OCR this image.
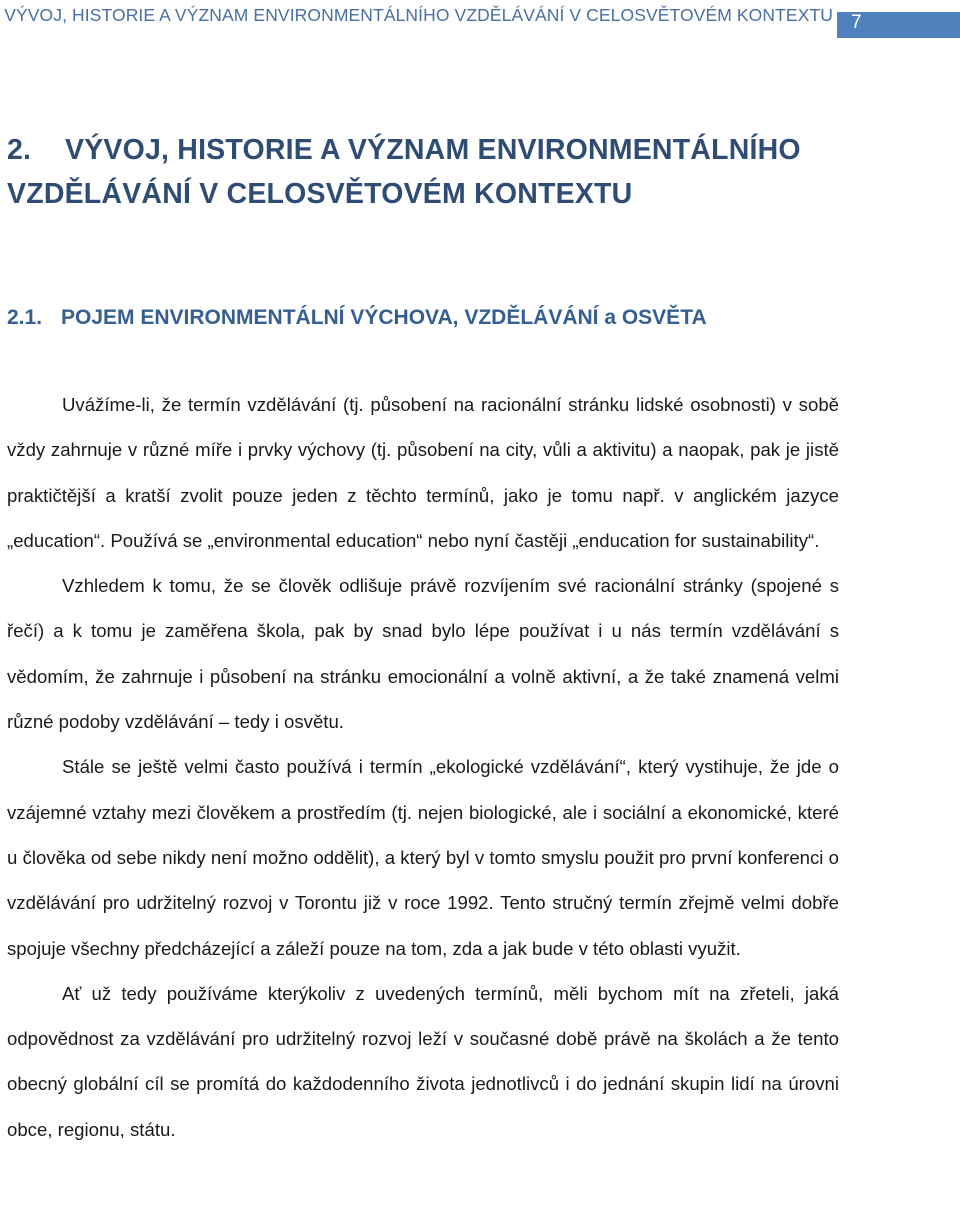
VÝVOJ, HISTORIE A VÝZNAM ENVIRONMENTÁLNÍHO VZDĚLÁVÁNÍ V CELOSVĚTOVÉM KONTEXTU 7
2. VÝVOJ, HISTORIE A VÝZNAM ENVIRONMENTÁLNÍHO VZDĚLÁVÁNÍ V CELOSVĚTOVÉM KONTEXTU
2.1. POJEM ENVIRONMENTÁLNÍ VÝCHOVA, VZDĚLÁVÁNÍ a OSVĚTA

Uvážíme-li, že termín vzdělávání (tj. působení na racionální stránku lidské osobnosti) v sobě vždy zahrnuje v různé míře i prvky výchovy (tj. působení na city, vůli a aktivitu) a naopak, pak je jistě praktičtější a kratší zvolit pouze jeden z těchto termínů, jako je tomu např. v anglickém jazyce „education“. Používá se „environmental education“ nebo nyní častěji „enducation for sustainability“.

Vzhledem k tomu, že se člověk odlišuje právě rozvíjením své racionální stránky (spojené s řečí) a k tomu je zaměřena škola, pak by snad bylo lépe používat i u nás termín vzdělávání s vědomím, že zahrnuje i působení na stránku emocionální a volně aktivní, a že také znamená velmi různé podoby vzdělávání – tedy i osvětu.

Stále se ještě velmi často používá i termín „ekologické vzdělávání“, který vystihuje, že jde o vzájemné vztahy mezi člověkem a prostředím (tj. nejen biologické, ale i sociální a ekonomické, které u člověka od sebe nikdy není možno oddělit), a který byl v tomto smyslu použit pro první konferenci o vzdělávání pro udržitelný rozvoj v Torontu již v roce 1992. Tento stručný termín zřejmě velmi dobře spojuje všechny předcházející a záleží pouze na tom, zda a jak bude v této oblasti využit.

Ať už tedy používáme kterýkoliv z uvedených termínů, měli bychom mít na zřeteli, jaká odpovědnost za vzdělávání pro udržitelný rozvoj leží v současné době právě na školách a že tento obecný globální cíl se promítá do každodenního života jednotlivců i do jednání skupin lidí na úrovni obce, regionu, státu.
